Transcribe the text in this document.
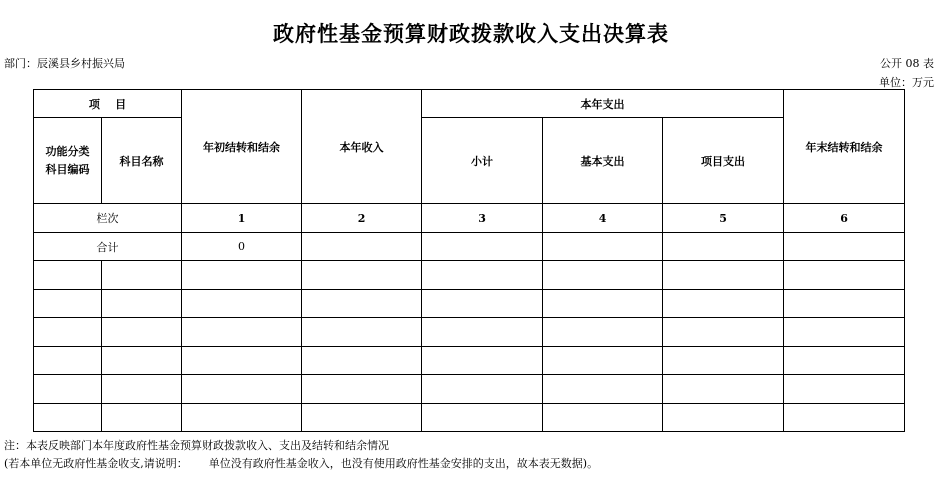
政府性基金预算财政拨款收入支出决算表
部门：辰溪县乡村振兴局	公开 08 表
单位：万元
项    目		年初结转和结余	本年收入	本年支出			年末结转和结余
功能分类科目编码	科目名称			小计	基本支出	项目支出	
栏次		1	2	3	4	5	6
合计		0					

注：本表反映部门本年度政府性基金预算财政拨款收入、支出及结转和结余情况
(若本单位无政府性基金收支,请说明： 单位没有政府性基金收入，也没有使用政府性基金安排的支出，故本表无数据)。
